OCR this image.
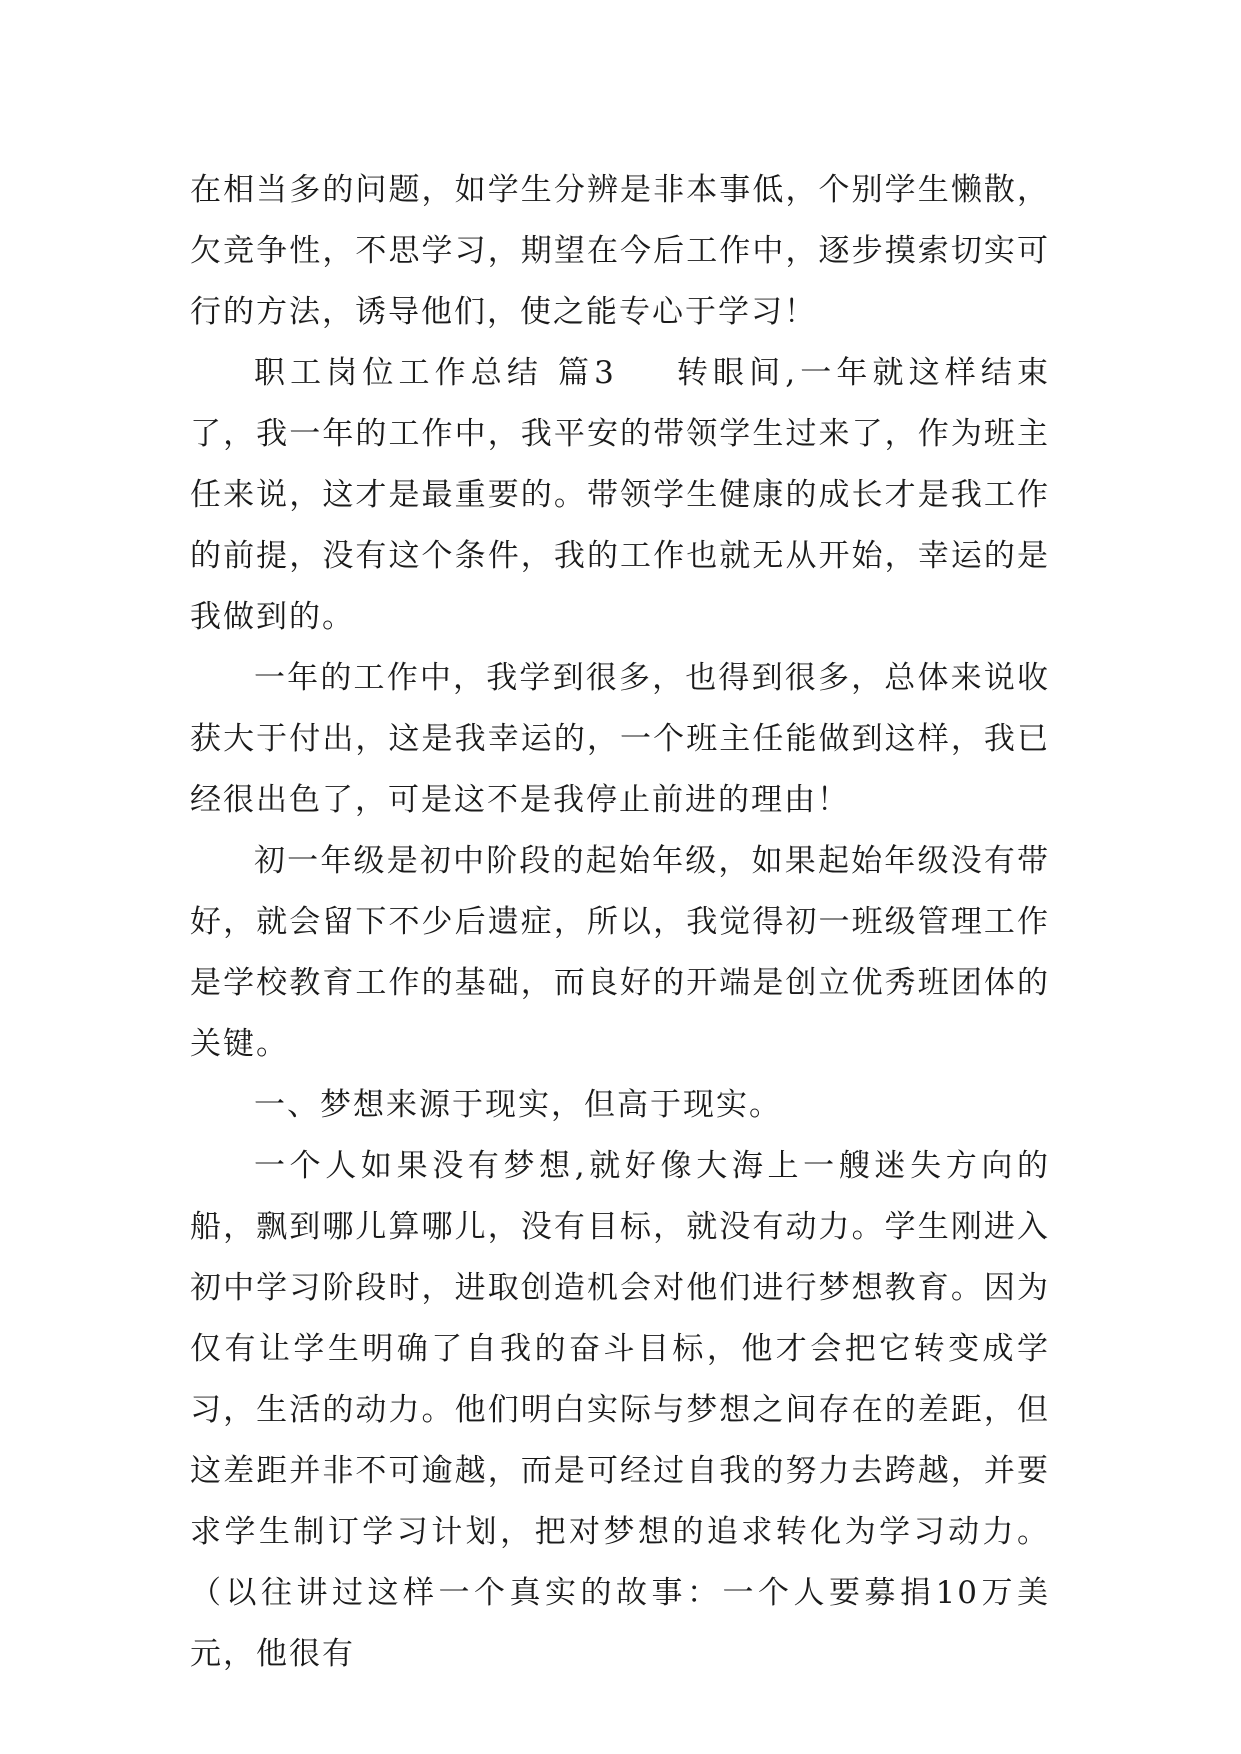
在相当多的问题，如学生分辨是非本事低，个别学生懒散，欠竞争性，不思学习，期望在今后工作中，逐步摸索切实可行的方法，诱导他们，使之能专心于学习！

职工岗位工作总结 篇3 转眼间,一年就这样结束了，我一年的工作中，我平安的带领学生过来了，作为班主任来说，这才是最重要的。带领学生健康的成长才是我工作的前提，没有这个条件，我的工作也就无从开始，幸运的是我做到的。

一年的工作中，我学到很多，也得到很多，总体来说收获大于付出，这是我幸运的，一个班主任能做到这样，我已经很出色了，可是这不是我停止前进的理由！

初一年级是初中阶段的起始年级，如果起始年级没有带好，就会留下不少后遗症，所以，我觉得初一班级管理工作是学校教育工作的基础，而良好的开端是创立优秀班团体的关键。

一、梦想来源于现实，但高于现实。

一个人如果没有梦想,就好像大海上一艘迷失方向的船，飘到哪儿算哪儿，没有目标，就没有动力。学生刚进入初中学习阶段时，进取创造机会对他们进行梦想教育。因为仅有让学生明确了自我的奋斗目标，他才会把它转变成学习，生活的动力。他们明白实际与梦想之间存在的差距，但这差距并非不可逾越，而是可经过自我的努力去跨越，并要求学生制订学习计划，把对梦想的追求转化为学习动力。（以往讲过这样一个真实的故事：一个人要募捐10万美元，他很有
